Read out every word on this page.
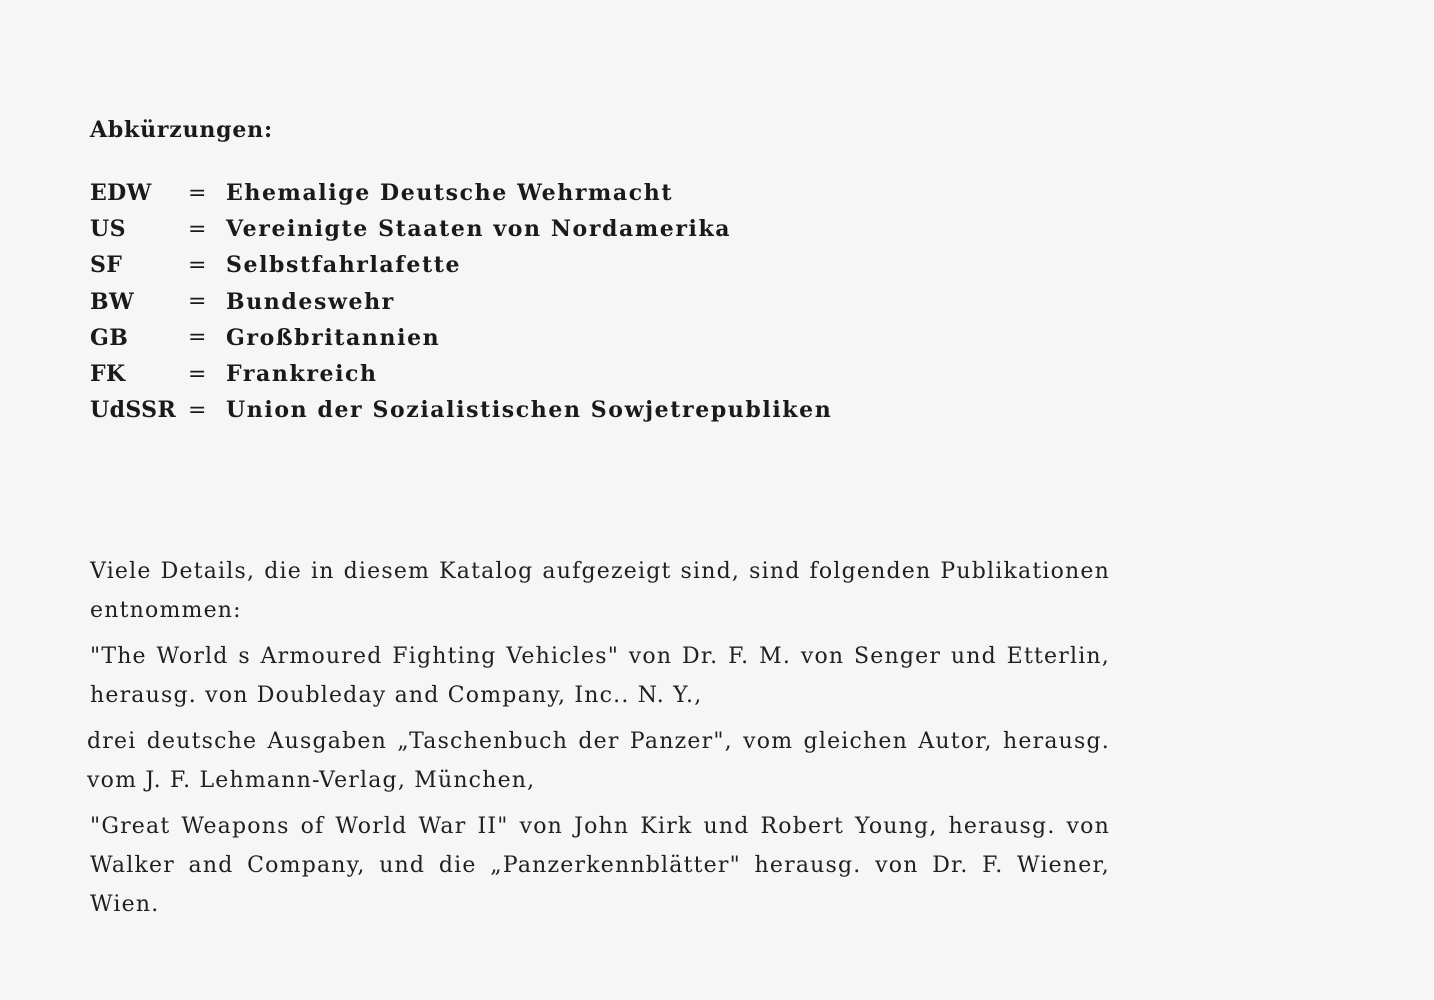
Abkürzungen:
EDW	= Ehemalige Deutsche Wehrmacht
US	= Vereinigte Staaten von Nordamerika
SF	= Selbstfahrlafette
BW	= Bundeswehr
GB	= Großbritannien
FK	= Frankreich
UdSSR = Union der Sozialistischen Sowjetrepubliken

Viele Details, die in diesem Katalog aufgezeigt sind, sind folgenden Publikationen entnommen:

"The World s Armoured Fighting Vehicles" von Dr. F. M. von Senger und Etterlin, herausg. von Doubleday and Company, Inc.. N. Y.,

drei deutsche Ausgaben „Taschenbuch der Panzer", vom gleichen Autor, herausg. vom J. F. Lehmann-Verlag, München,

"Great Weapons of World War II" von John Kirk und Robert Young, herausg. von Walker and Company, und die „Panzerkennblätter" herausg. von Dr. F. Wiener, Wien.
